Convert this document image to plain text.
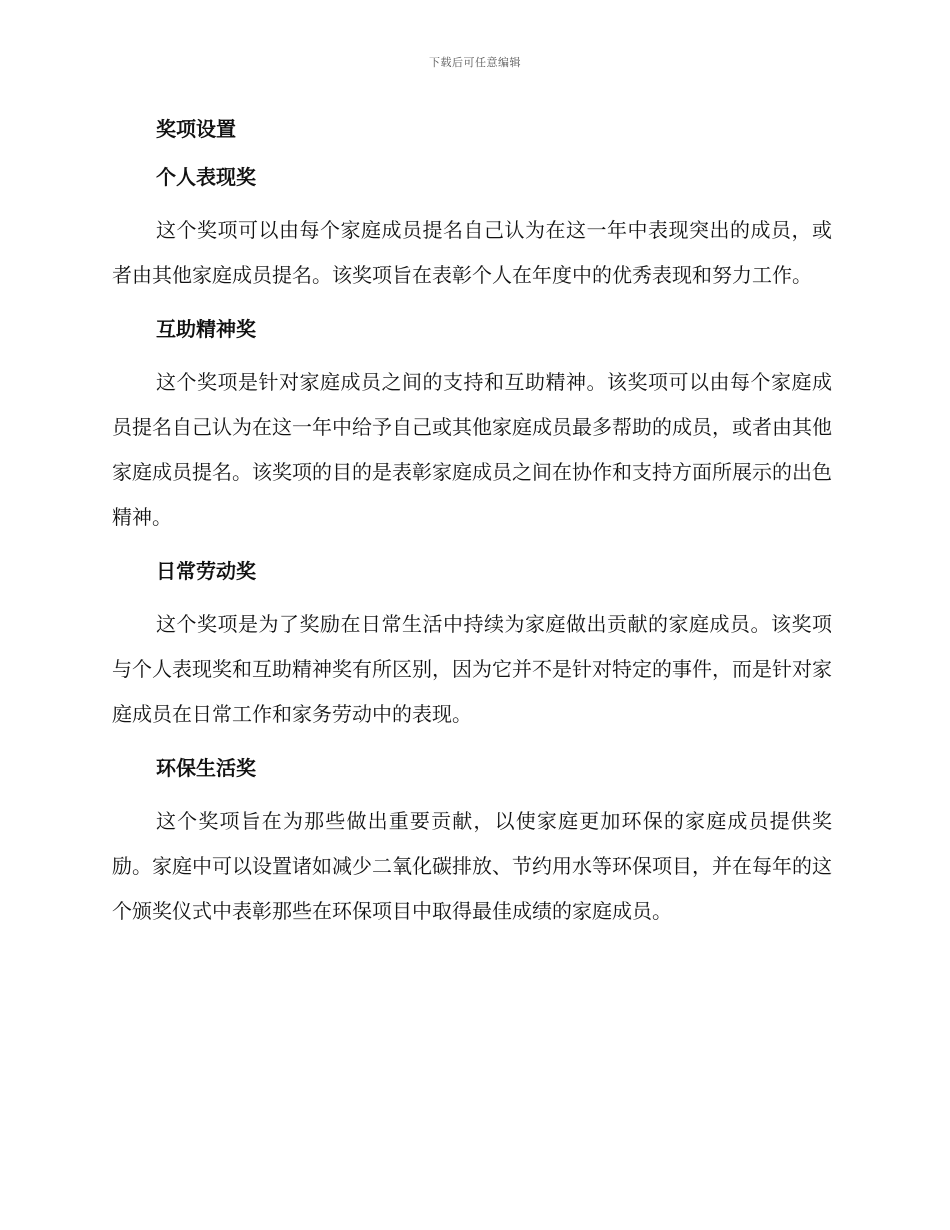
下载后可任意编辑
奖项设置
个人表现奖

这个奖项可以由每个家庭成员提名自己认为在这一年中表现突出的成员，或者由其他家庭成员提名。该奖项旨在表彰个人在年度中的优秀表现和努力工作。

互助精神奖

这个奖项是针对家庭成员之间的支持和互助精神。该奖项可以由每个家庭成员提名自己认为在这一年中给予自己或其他家庭成员最多帮助的成员，或者由其他家庭成员提名。该奖项的目的是表彰家庭成员之间在协作和支持方面所展示的出色精神。

日常劳动奖

这个奖项是为了奖励在日常生活中持续为家庭做出贡献的家庭成员。该奖项与个人表现奖和互助精神奖有所区别，因为它并不是针对特定的事件，而是针对家庭成员在日常工作和家务劳动中的表现。

环保生活奖

这个奖项旨在为那些做出重要贡献，以使家庭更加环保的家庭成员提供奖励。家庭中可以设置诸如减少二氧化碳排放、节约用水等环保项目，并在每年的这个颁奖仪式中表彰那些在环保项目中取得最佳成绩的家庭成员。
